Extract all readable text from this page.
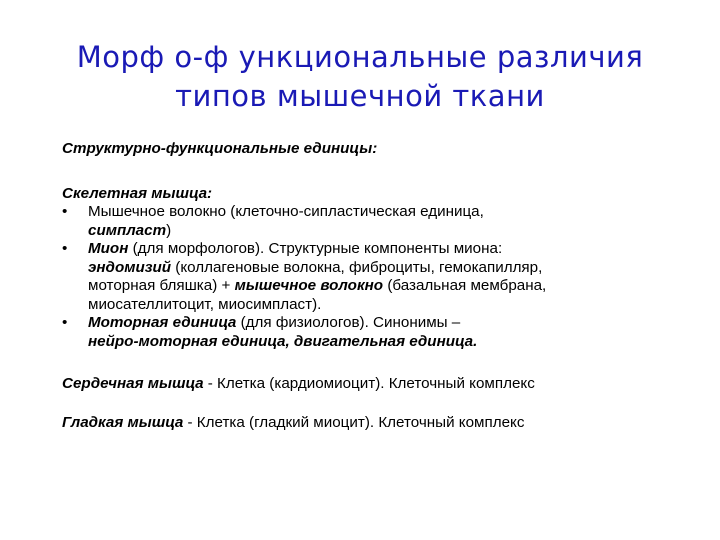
Морф о-ф ункциональные различия
типов мышечной ткани

Структурно-функциональные единицы:

Скелетная мышца:

•	Мышечное волокно (клеточно-сипластическая единица,
симпласт)
•	Мион (для морфологов). Структурные компоненты миона:
эндомизий (коллагеновые волокна, фиброциты, гемокапилляр,
моторная бляшка) + мышечное волокно (базальная мембрана,
миосателлитоцит, миосимпласт).
•	Моторная единица (для физиологов). Синонимы –
нейро-моторная единица, двигательная единица.

Сердечная мышца - Клетка (кардиомиоцит). Клеточный комплекс

Гладкая мышца - Клетка (гладкий миоцит). Клеточный комплекс
